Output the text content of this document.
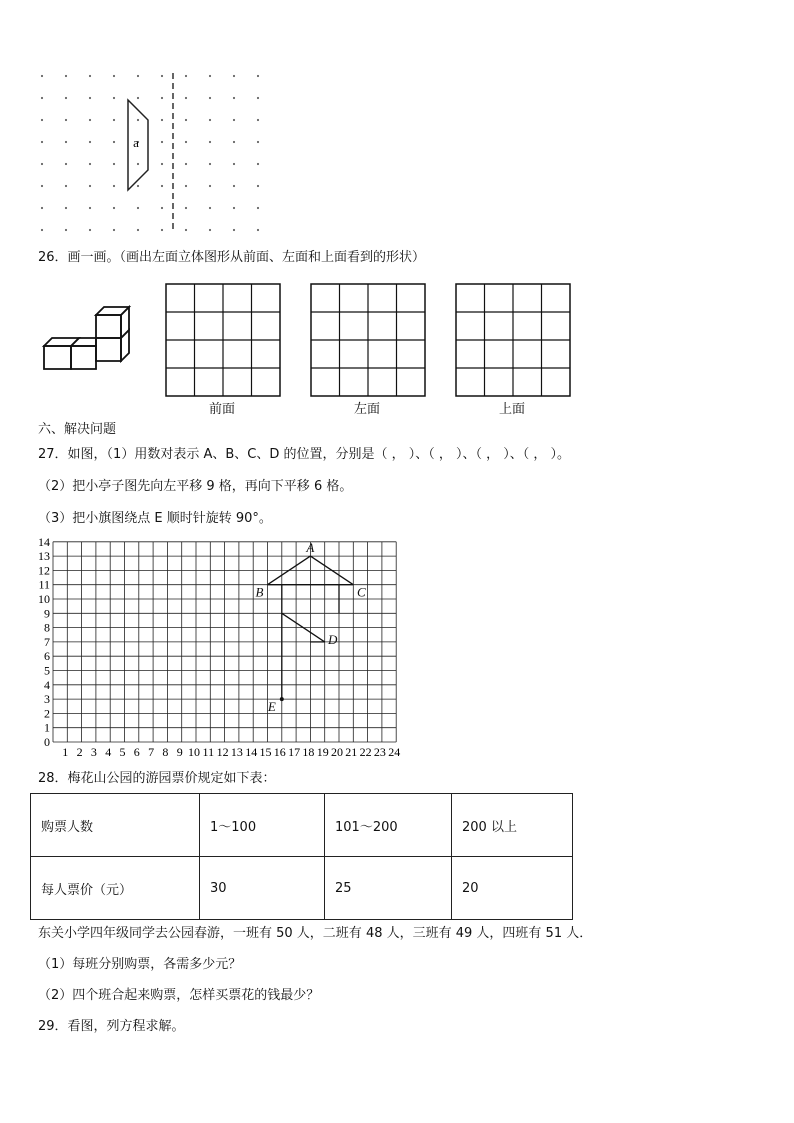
a
26．画一画。（画出左面立体图形从前面、左面和上面看到的形状）
前面	左面	上面
六、解决问题
27．如图，（1）用数对表示 A、B、C、D 的位置，分别是（ ， ）、（ ， ）、（ ， ）、（ ， ）。
（2）把小亭子图先向左平移 9 格，再向下平移 6 格。
（3）把小旗图绕点 E 顺时针旋转 90°。
14
13
12
11
10
9
8
7
6
5
4
3
2
1
0
1 2 3 4 5 6 7 8 9 10 11 12 13 14 15 16 17 18 19 20 21 22 23 24
A
B	C
D
E
28．梅花山公园的游园票价规定如下表：
购票人数	1～100	101～200	200 以上
每人票价（元）	30	25	20
东关小学四年级同学去公园春游，一班有 50 人，二班有 48 人，三班有 49 人，四班有 51 人．
（1）每班分别购票，各需多少元？
（2）四个班合起来购票，怎样买票花的钱最少？
29．看图，列方程求解。
